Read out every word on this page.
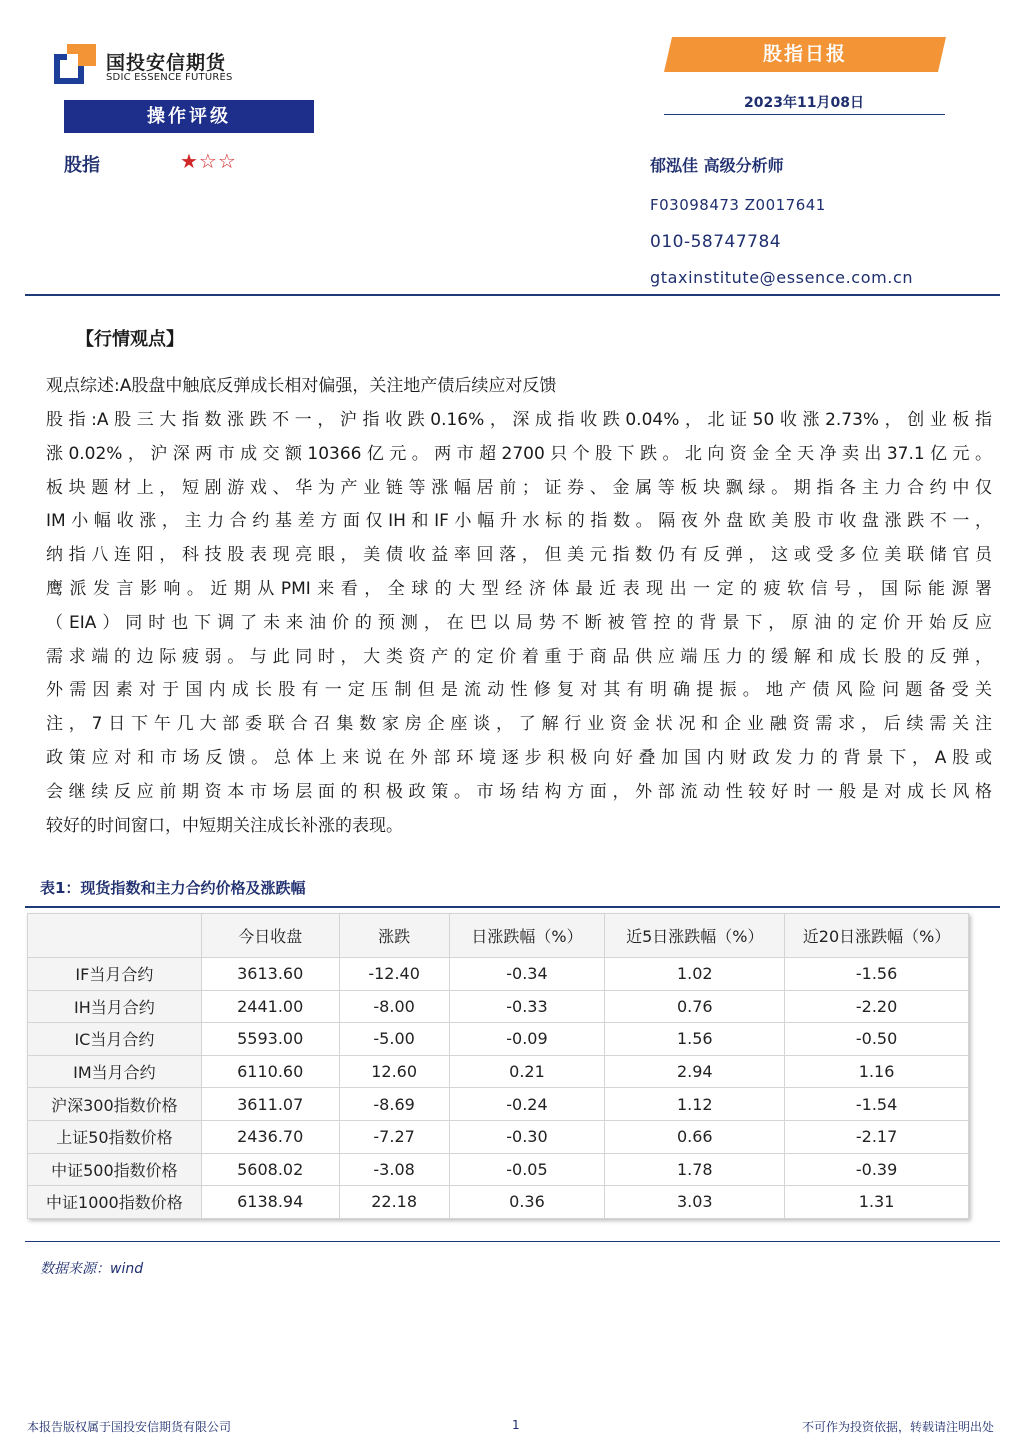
国投安信期货
SDIC ESSENCE FUTURES
股指日报
2023年11月08日
操作评级
股指	★☆☆	郁泓佳 高级分析师
F03098473 Z0017641
010-58747784
gtaxinstitute@essence.com.cn
【行情观点】
观点综述:A股盘中触底反弹成长相对偏强，关注地产债后续应对反馈

股指:A股三大指数涨跌不一，沪指收跌0.16%，深成指收跌0.04%，北证50收涨2.73%，创业板指

涨0.02%，沪深两市成交额10366亿元。两市超2700只个股下跌。北向资金全天净卖出37.1亿元。

板块题材上，短剧游戏、华为产业链等涨幅居前；证券、金属等板块飘绿。期指各主力合约中仅

IM小幅收涨，主力合约基差方面仅IH和IF小幅升水标的指数。隔夜外盘欧美股市收盘涨跌不一，

纳指八连阳，科技股表现亮眼，美债收益率回落，但美元指数仍有反弹，这或受多位美联储官员

鹰派发言影响。近期从PMI来看，全球的大型经济体最近表现出一定的疲软信号，国际能源署

（EIA）同时也下调了未来油价的预测，在巴以局势不断被管控的背景下，原油的定价开始反应

需求端的边际疲弱。与此同时，大类资产的定价着重于商品供应端压力的缓解和成长股的反弹，

外需因素对于国内成长股有一定压制但是流动性修复对其有明确提振。地产债风险问题备受关

注，7日下午几大部委联合召集数家房企座谈，了解行业资金状况和企业融资需求，后续需关注

政策应对和市场反馈。总体上来说在外部环境逐步积极向好叠加国内财政发力的背景下，A股或

会继续反应前期资本市场层面的积极政策。市场结构方面，外部流动性较好时一般是对成长风格

较好的时间窗口，中短期关注成长补涨的表现。

表1：现货指数和主力合约价格及涨跌幅
	今日收盘	涨跌	日涨跌幅（%）	近5日涨跌幅（%）	近20日涨跌幅（%）
IF当月合约	3613.60	-12.40	-0.34	1.02	-1.56
IH当月合约	2441.00	-8.00	-0.33	0.76	-2.20
IC当月合约	5593.00	-5.00	-0.09	1.56	-0.50
IM当月合约	6110.60	12.60	0.21	2.94	1.16
沪深300指数价格	3611.07	-8.69	-0.24	1.12	-1.54
上证50指数价格	2436.70	-7.27	-0.30	0.66	-2.17
中证500指数价格	5608.02	-3.08	-0.05	1.78	-0.39
中证1000指数价格	6138.94	22.18	0.36	3.03	1.31
数据来源：wind
本报告版权属于国投安信期货有限公司	1	不可作为投资依据，转载请注明出处
